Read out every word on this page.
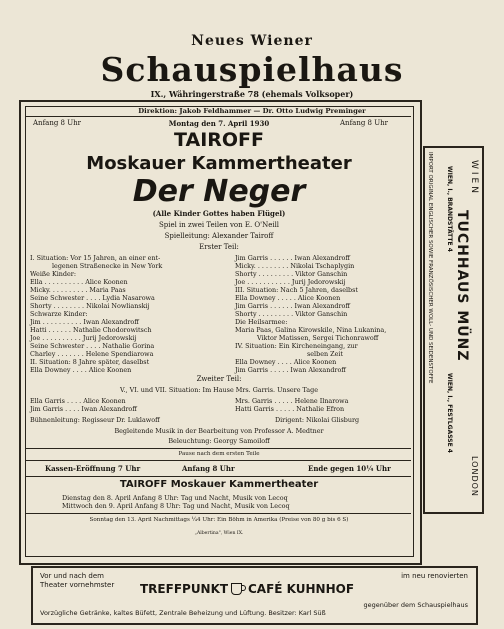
Neues Wiener
Schauspielhaus
IX., Währingerstraße 78 (ehemals Volksoper)
Direktion: Jakob Feldhammer — Dr. Otto Ludwig Preminger
Anfang 8 Uhr	Montag den 7. April 1930	Anfang 8 Uhr
TAIROFF
Moskauer Kammertheater
Der Neger
(Alle Kinder Gottes haben Flügel)
Spiel in zwei Teilen von E. O'Neill
Spielleitung: Alexander Tairoff
Erster Teil:
I. Situation: Vor 15 Jahren, an einer ent-
legenen Straßenecke in New York
Weiße Kinder:
Ella . . . . . . . . . . Alice Koonen
Micky. . . . . . . . . . Maria Paas
Seine Schwester . . . . Lydia Nasarowa
Shorty . . . . . . . . Nikolai Nowlianskij
Schwarze Kinder:
Jim . . . . . . . . . . Iwan Alexandroff
Hatti . . . . . . Nathalie Chodorowitsch
Joe . . . . . . . . . . Jurij Jedorowskij
Seine Schwester . . . . Nathalie Gorina
Charley . . . . . . . Helene Spendiarowa
II. Situation: 8 Jahre später, daselbst
Ella Downey . . . . Alice Koonen
Jim Garris . . . . . . Iwan Alexandroff
Micky. . . . . . . . . Nikolai Tschaplygin
Shorty . . . . . . . . . Viktor Ganschin
Joe . . . . . . . . . . . Jurij Jedorowskij
III. Situation: Nach 5 Jahren, daselbst
Ella Downey . . . . . Alice Koonen
Jim Garris . . . . . . Iwan Alexandroff
Shorty . . . . . . . . . Viktor Ganschin
Die Heilsarmee:
Maria Paas, Galina Kirowskile, Nina Lukanina,
Viktor Matissen, Sergei Tichonrawoff
IV. Situation: Ein Kircheneingang, zur
selben Zeit
Ella Downey . . . . Alice Koonen
Jim Garris . . . . . Iwan Alexandroff
Zweiter Teil:
V., VI. und VII. Situation: Im Hause Mrs. Garris. Unsere Tage
Ella Garris . . . . Alice Koonen
Jim Garris . . . . Iwan Alexandroff
Mrs. Garris . . . . . Helene Ilnarowa
Hatti Garris . . . . . Nathalie Efron
Bühnenleitung: Regisseur Dr. Luklawoff	Dirigent: Nikolai Glisburg
Begleitende Musik in der Bearbeitung von Professor A. Medtner
Beleuchtung: Georgy Samoiloff
Pause nach dem ersten Teile
Kassen-Eröffnung 7 Uhr	Anfang 8 Uhr	Ende gegen 10¼ Uhr
TAIROFF Moskauer Kammertheater
Dienstag den 8. April Anfang 8 Uhr: Tag und Nacht, Musik von Lecoq
Mittwoch den 9. April Anfang 8 Uhr: Tag und Nacht, Musik von Lecoq
Sonntag den 13. April Nachmittags ¼4 Uhr: Ein Böhm in Amerika (Preise von 80 g bis 6 S)
„Albertina", Wien IX.
WIEN
TUCHHAUS MÜNZ
WIEN, I., BRANDSTÄTTE 4
WIEN, I., FESTLGASSE 4
IMPORT ORIGINAL ENGLISCHER SOWIE FRANZÖSISCHER WOLL- UND SEIDENSTOFFE
LONDON
Vor und nach dem
Theater vornehmster
im neu renovierten
gegenüber dem Schauspielhaus
TREFFPUNKT CAFÉ KUHNHOF
Vorzügliche Getränke, kaltes Büfett, Zentrale Beheizung und Lüftung. Besitzer: Karl Süß
